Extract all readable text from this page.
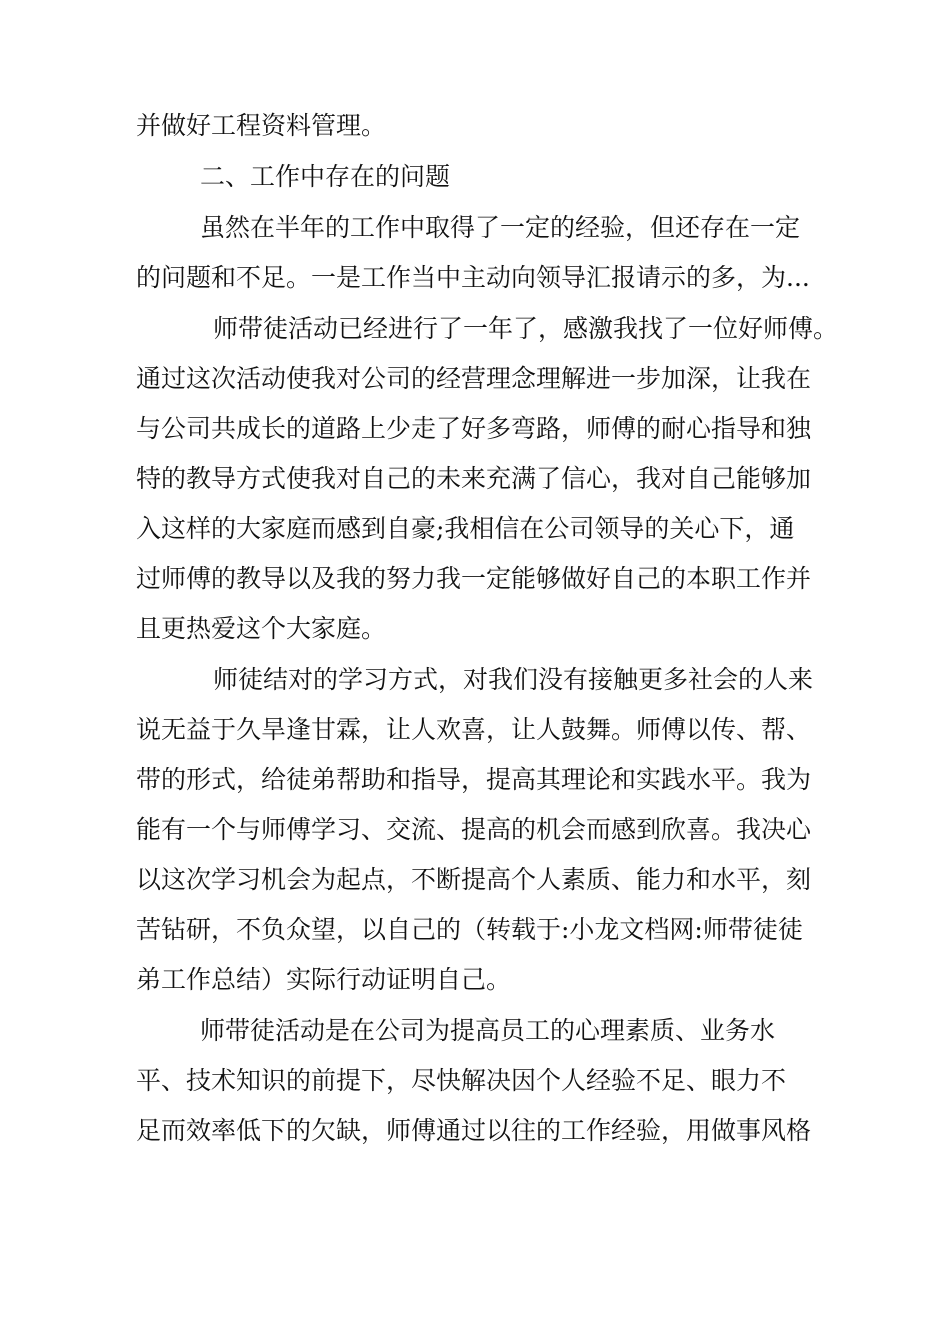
并做好工程资料管理。
二、工作中存在的问题
虽然在半年的工作中取得了一定的经验，但还存在一定
的问题和不足。一是工作当中主动向领导汇报请示的多，为...
师带徒活动已经进行了一年了，感激我找了一位好师傅。
通过这次活动使我对公司的经营理念理解进一步加深，让我在
与公司共成长的道路上少走了好多弯路，师傅的耐心指导和独
特的教导方式使我对自己的未来充满了信心，我对自己能够加
入这样的大家庭而感到自豪;我相信在公司领导的关心下，通
过师傅的教导以及我的努力我一定能够做好自己的本职工作并
且更热爱这个大家庭。
师徒结对的学习方式，对我们没有接触更多社会的人来
说无益于久旱逢甘霖，让人欢喜，让人鼓舞。师傅以传、帮、
带的形式，给徒弟帮助和指导，提高其理论和实践水平。我为
能有一个与师傅学习、交流、提高的机会而感到欣喜。我决心
以这次学习机会为起点，不断提高个人素质、能力和水平，刻
苦钻研，不负众望，以自己的（转载于:小龙文档网:师带徒徒
弟工作总结）实际行动证明自己。
师带徒活动是在公司为提高员工的心理素质、业务水
平、技术知识的前提下，尽快解决因个人经验不足、眼力不
足而效率低下的欠缺，师傅通过以往的工作经验，用做事风格
